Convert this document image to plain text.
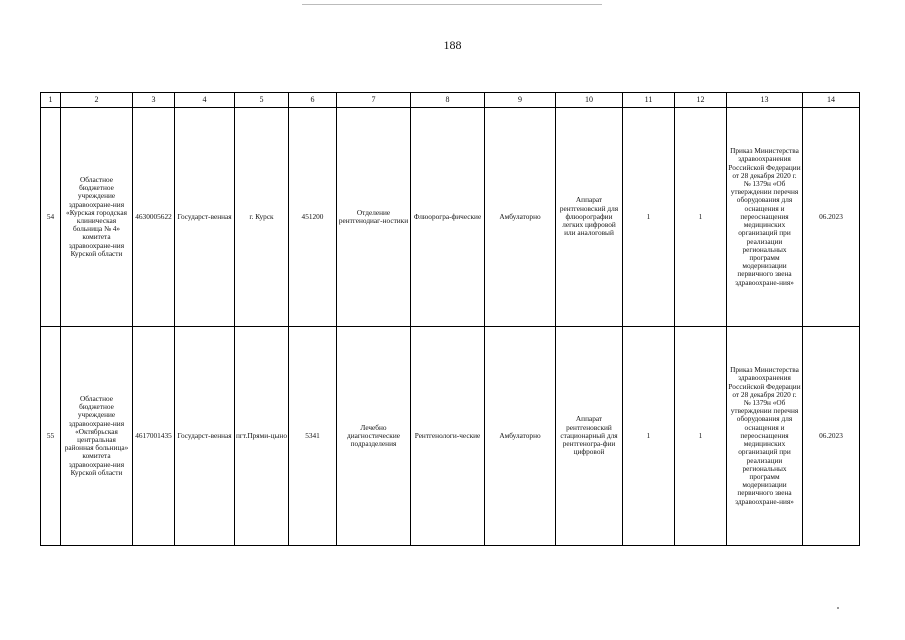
188
1	2	3	4	5	6	7	8	9	10	11	12	13	14
54	Областное бюджетное учреждение здравоохране-ния «Курская городская клиническая больница № 4» комитета здравоохране-ния Курской области	4630005622	Государст-венная	г. Курск	451200	Отделение рентгенодиаг-ностики	Флюорогра-фические	Амбулаторно	Аппарат рентгеновский для флюорографии легких цифровой или аналоговый	1	1	Приказ Министерства здравоохранения Российской Федерации от 28 декабря 2020 г. № 1379н «Об утверждении перечня оборудования для оснащения и переоснащения медицинских организаций при реализации региональных программ модернизации первичного звена здравоохране-ния»	06.2023
55	Областное бюджетное учреждение здравоохране-ния «Октябрьская центральная районная больница» комитета здравоохране-ния Курской области	4617001435	Государст-венная	пгт.Прями-цыно	5341	Лечебно диагностические подразделения	Рентгенологи-ческие	Амбулаторно	Аппарат рентгеновский стационарный для рентгеногра-фии цифровой	1	1	Приказ Министерства здравоохранения Российской Федерации от 28 декабря 2020 г. № 1379н «Об утверждении перечня оборудования для оснащения и переоснащения медицинских организаций при реализации региональных программ модернизации первичного звена здравоохране-ния»	06.2023
